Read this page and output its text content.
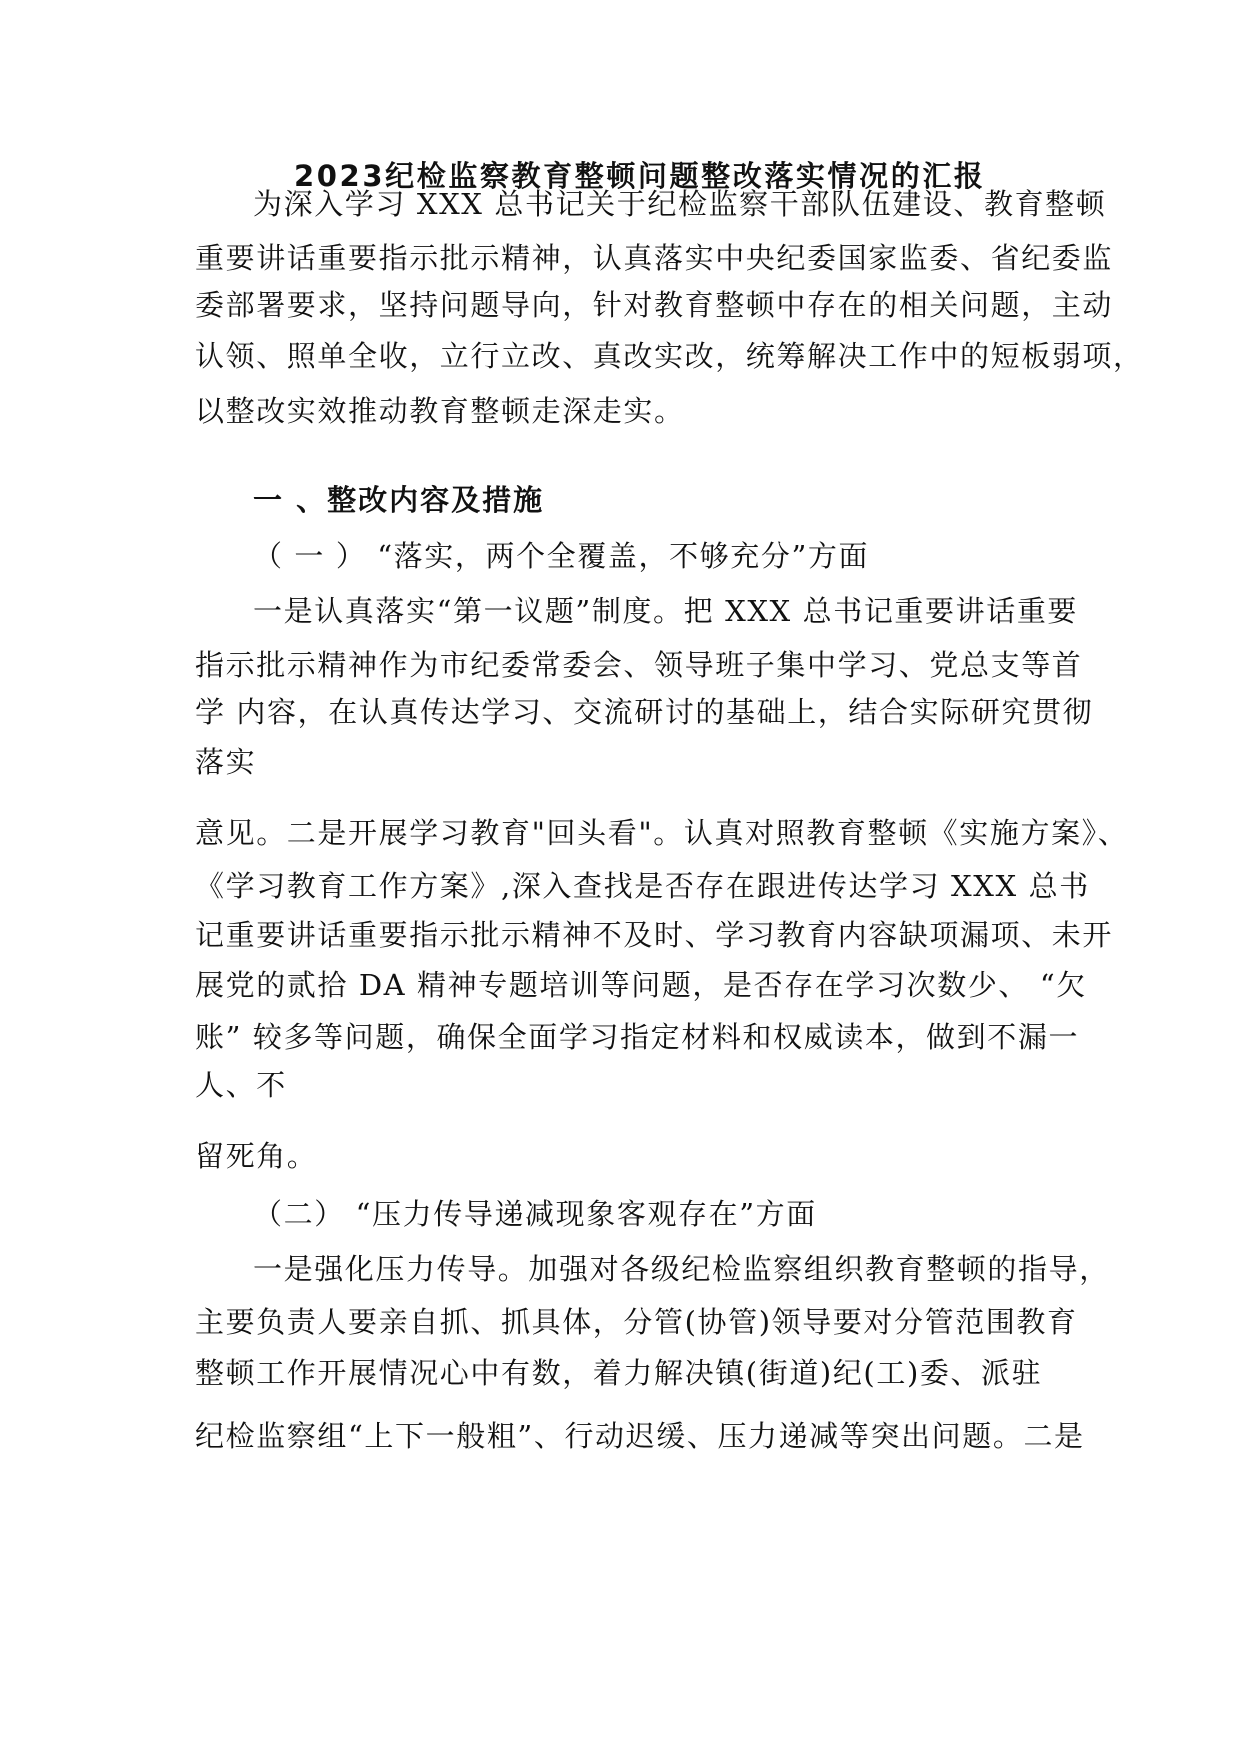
2023纪检监察教育整顿问题整改落实情况的汇报
为深入学习 XXX 总书记关于纪检监察干部队伍建设、教育整顿
重要讲话重要指示批示精神，认真落实中央纪委国家监委、省纪委监
委部署要求，坚持问题导向，针对教育整顿中存在的相关问题，主动
认领、照单全收，立行立改、真改实改，统筹解决工作中的短板弱项，
以整改实效推动教育整顿走深走实。
一 、整改内容及措施
（ 一 ） “落实，两个全覆盖，不够充分”方面
一是认真落实“第一议题”制度。把 XXX 总书记重要讲话重要
指示批示精神作为市纪委常委会、领导班子集中学习、党总支等首
学 内容，在认真传达学习、交流研讨的基础上，结合实际研究贯彻
落实
意见。二是开展学习教育"回头看"。认真对照教育整顿《实施方案》、
《学习教育工作方案》,深入查找是否存在跟进传达学习 XXX 总书
记重要讲话重要指示批示精神不及时、学习教育内容缺项漏项、未开
展党的贰拾 DA 精神专题培训等问题，是否存在学习次数少、 “欠
账” 较多等问题，确保全面学习指定材料和权威读本，做到不漏一
人、不
留死角。
（二） “压力传导递减现象客观存在”方面
一是强化压力传导。加强对各级纪检监察组织教育整顿的指导，
主要负责人要亲自抓、抓具体，分管(协管)领导要对分管范围教育
整顿工作开展情况心中有数，着力解决镇(街道)纪(工)委、派驻
纪检监察组“上下一般粗”、行动迟缓、压力递减等突出问题。二是
